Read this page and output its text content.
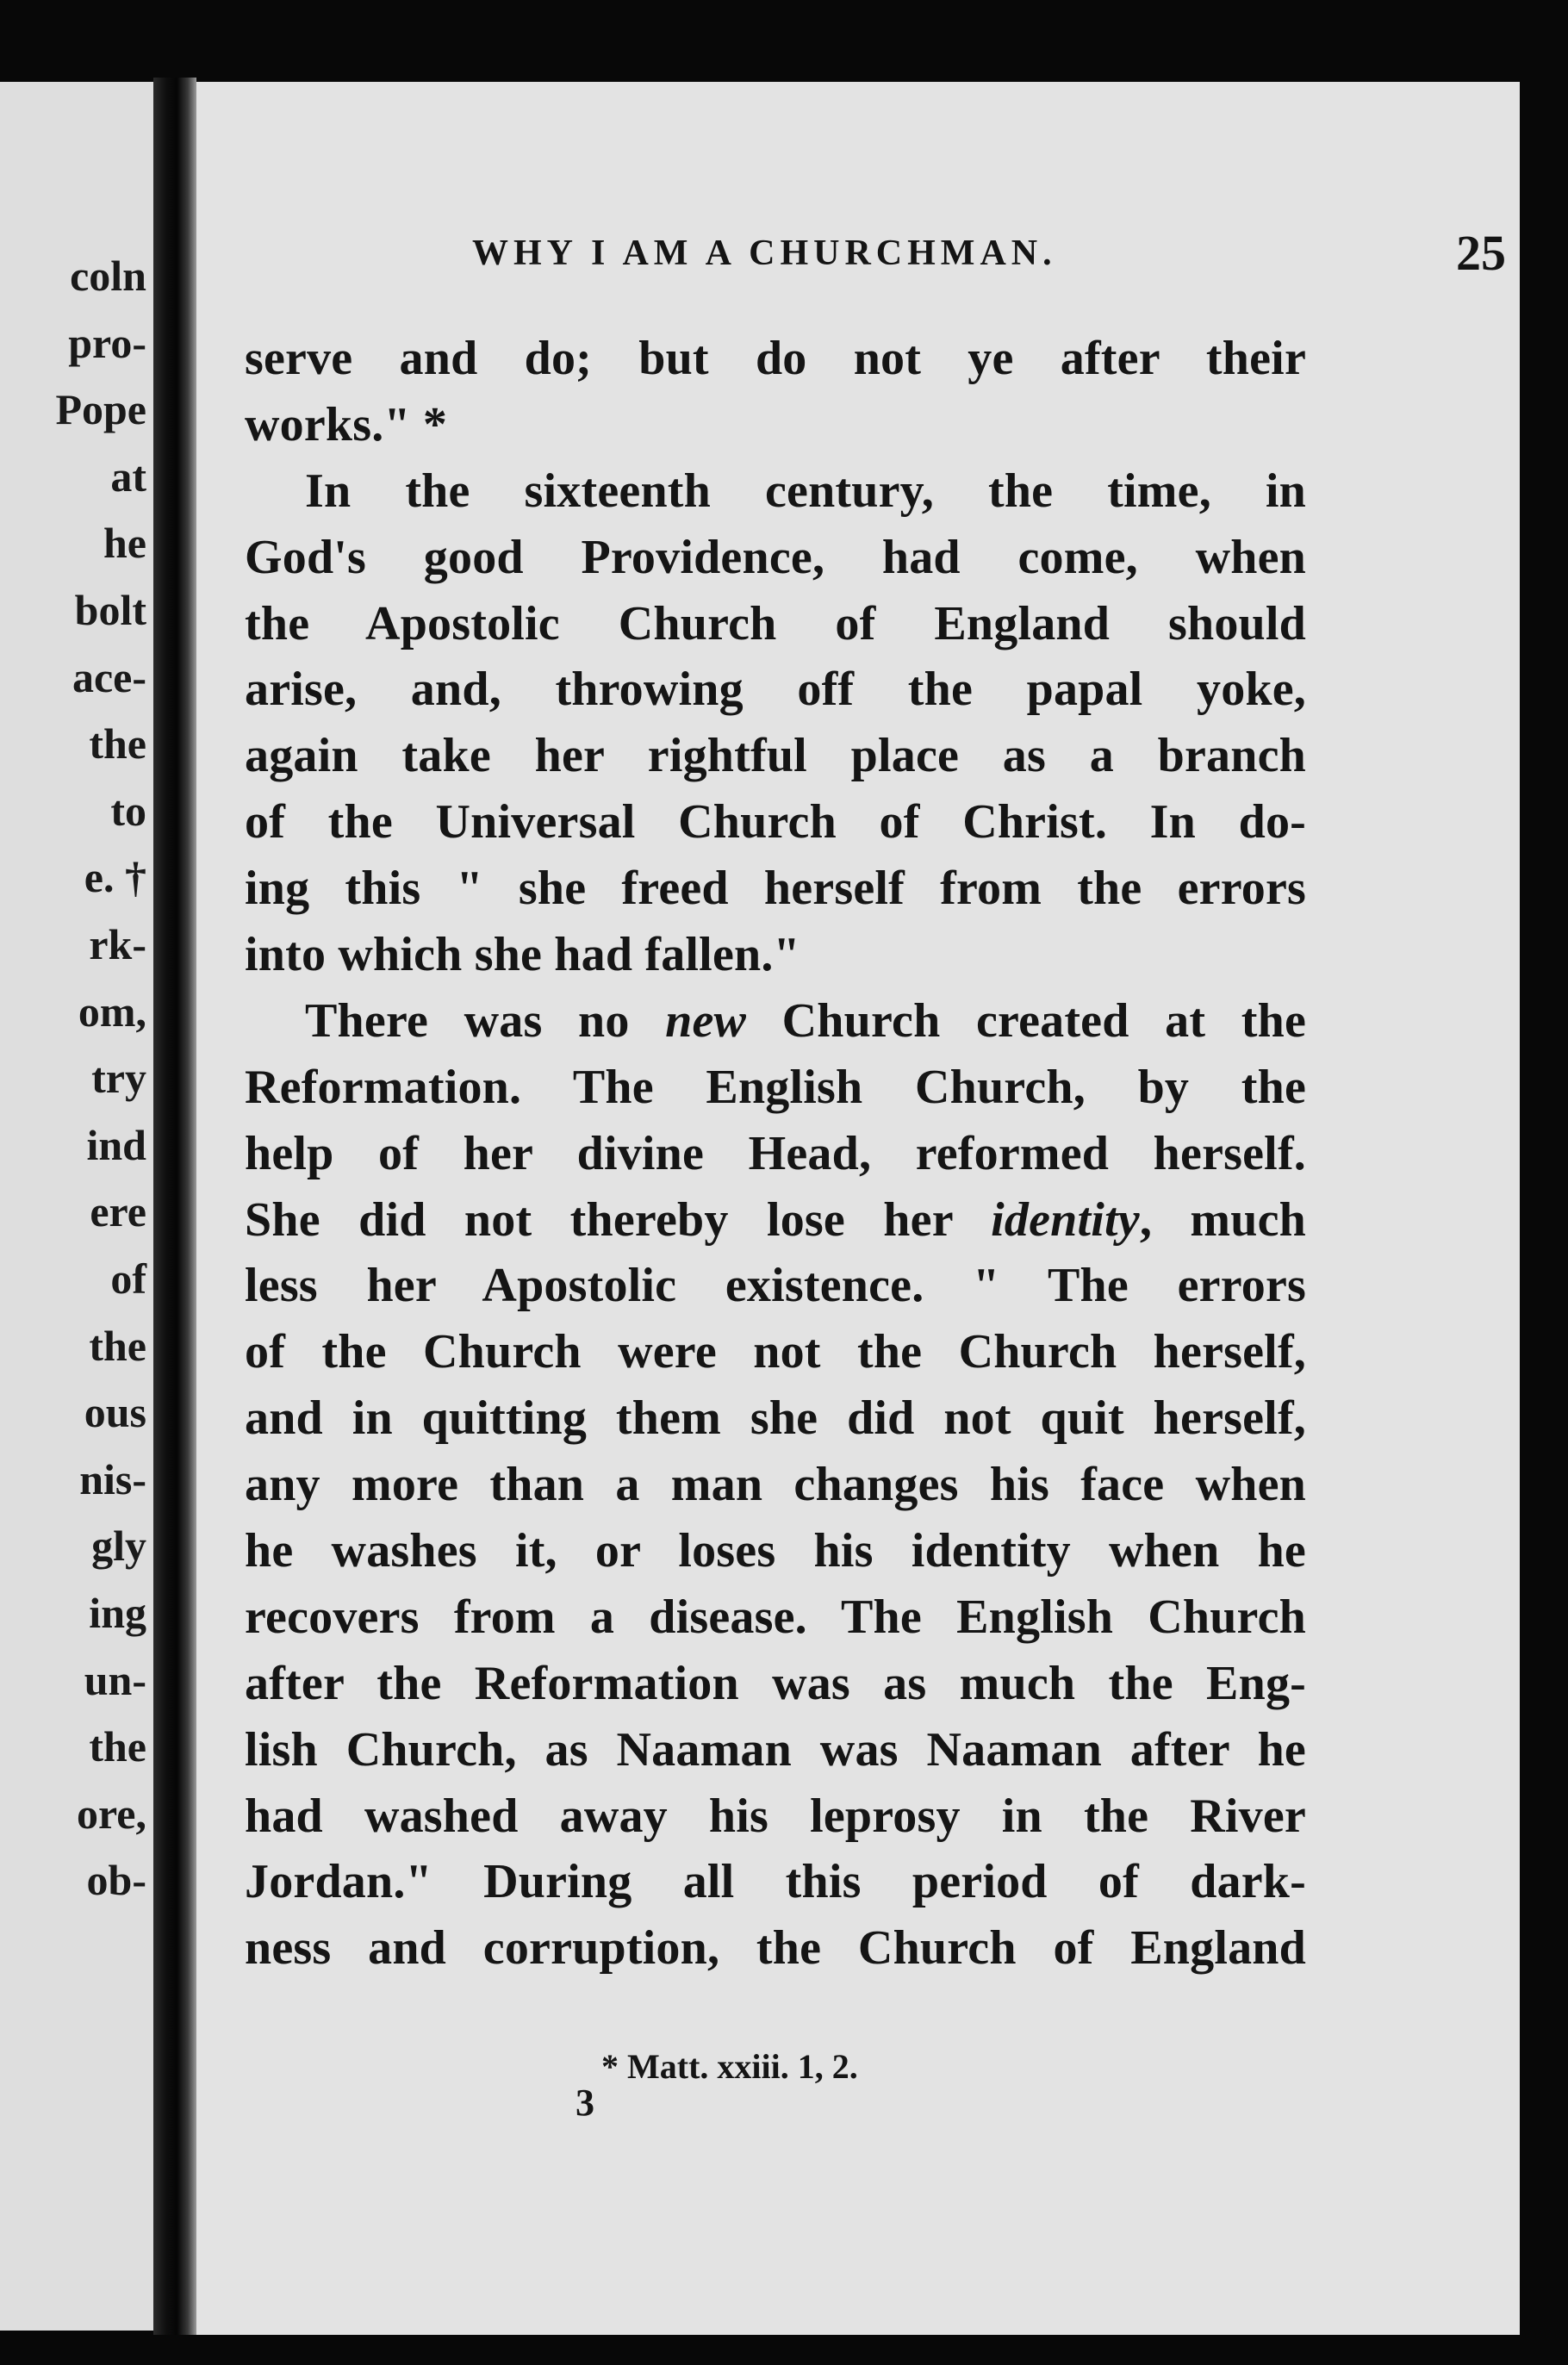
coln
pro-
Pope
at
he
bolt
ace-
the
to
e. †
rk-
om,
try
ind
ere
of
the
ous
nis-
gly
ing
un-
the
ore,
ob-
WHY I AM A CHURCHMAN.	25
serve and do; but do not ye after their
works." *
In the sixteenth century, the time, in
God's good Providence, had come, when
the Apostolic Church of England should
arise, and, throwing off the papal yoke,
again take her rightful place as a branch
of the Universal Church of Christ. In do-
ing this " she freed herself from the errors
into which she had fallen."
There was no new Church created at the
Reformation. The English Church, by the
help of her divine Head, reformed herself.
She did not thereby lose her identity, much
less her Apostolic existence. " The errors
of the Church were not the Church herself,
and in quitting them she did not quit herself,
any more than a man changes his face when
he washes it, or loses his identity when he
recovers from a disease. The English Church
after the Reformation was as much the Eng-
lish Church, as Naaman was Naaman after he
had washed away his leprosy in the River
Jordan." During all this period of dark-
ness and corruption, the Church of England
* Matt. xxiii. 1, 2.
3
